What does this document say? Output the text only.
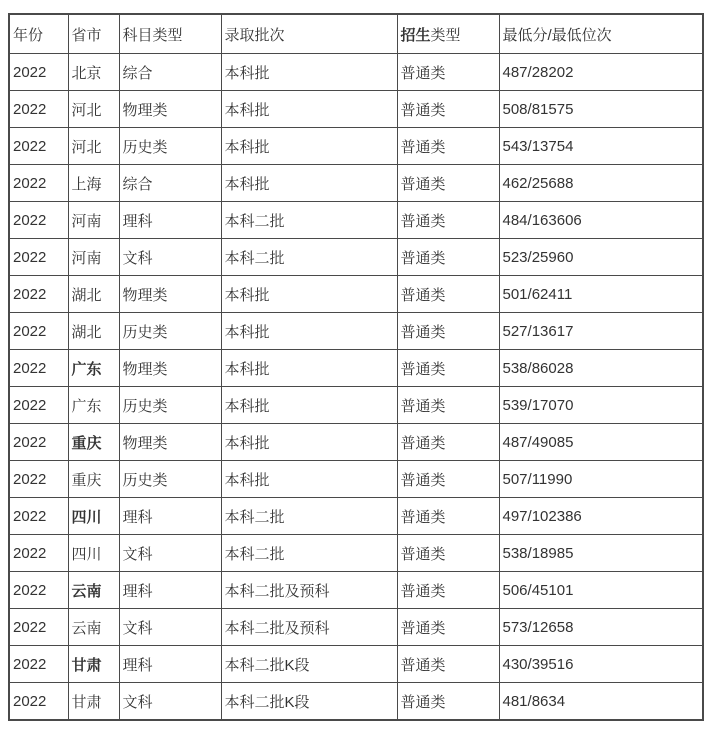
年份	省市	科目类型	录取批次	招生类型	最低分/最低位次
2022	北京	综合	本科批	普通类	487/28202
2022	河北	物理类	本科批	普通类	508/81575
2022	河北	历史类	本科批	普通类	543/13754
2022	上海	综合	本科批	普通类	462/25688
2022	河南	理科	本科二批	普通类	484/163606
2022	河南	文科	本科二批	普通类	523/25960
2022	湖北	物理类	本科批	普通类	501/62411
2022	湖北	历史类	本科批	普通类	527/13617
2022	广东	物理类	本科批	普通类	538/86028
2022	广东	历史类	本科批	普通类	539/17070
2022	重庆	物理类	本科批	普通类	487/49085
2022	重庆	历史类	本科批	普通类	507/11990
2022	四川	理科	本科二批	普通类	497/102386
2022	四川	文科	本科二批	普通类	538/18985
2022	云南	理科	本科二批及预科	普通类	506/45101
2022	云南	文科	本科二批及预科	普通类	573/12658
2022	甘肃	理科	本科二批K段	普通类	430/39516
2022	甘肃	文科	本科二批K段	普通类	481/8634
